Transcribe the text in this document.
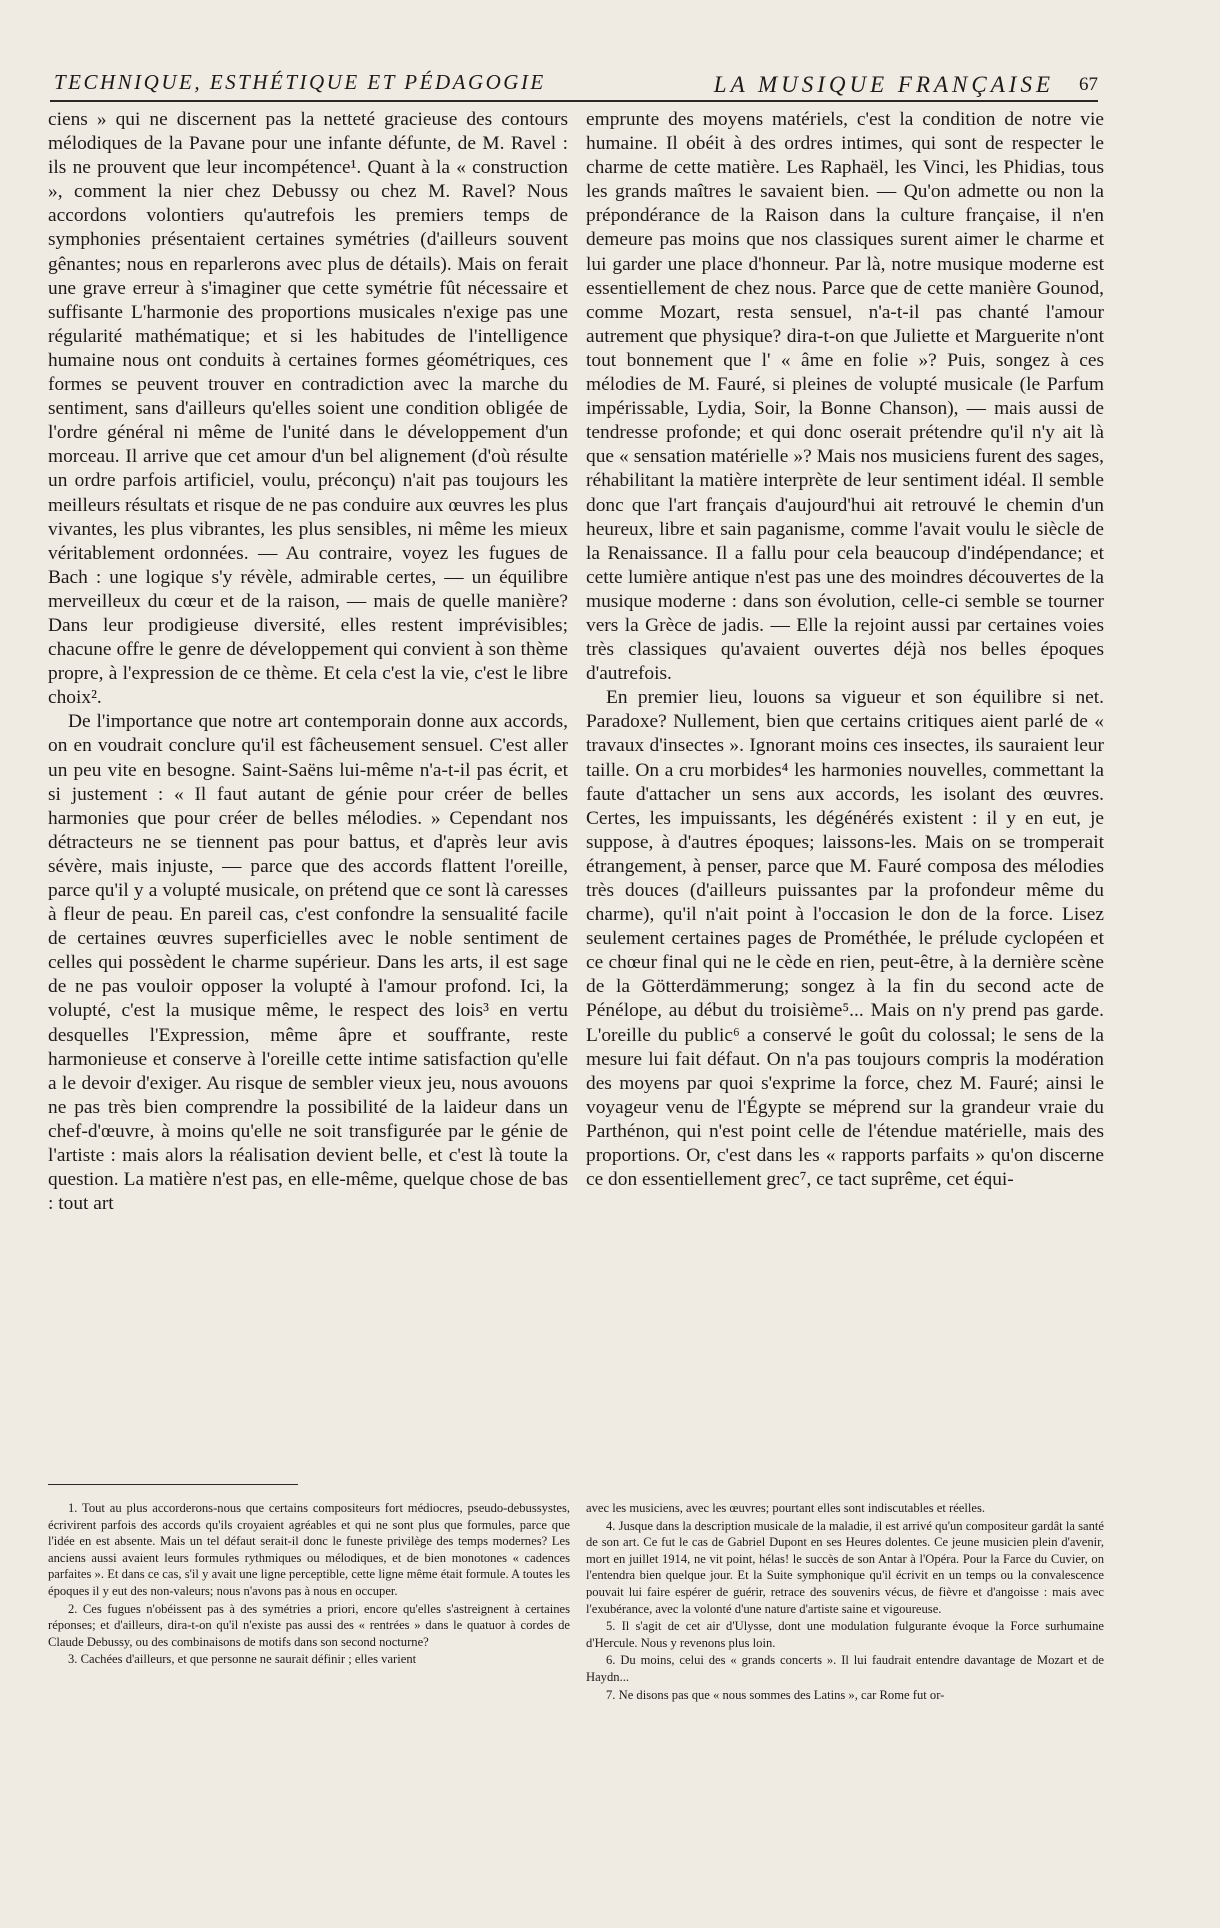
TECHNIQUE, ESTHÉTIQUE ET PÉDAGOGIE	LA MUSIQUE FRANÇAISE 67

ciens » qui ne discernent pas la netteté gracieuse des contours mélodiques de la Pavane pour une infante défunte, de M. Ravel : ils ne prouvent que leur incompétence¹. Quant à la « construction », comment la nier chez Debussy ou chez M. Ravel? Nous accordons volontiers qu'autrefois les premiers temps de symphonies présentaient certaines symétries (d'ailleurs souvent gênantes; nous en reparlerons avec plus de détails). Mais on ferait une grave erreur à s'imaginer que cette symétrie fût nécessaire et suffisante L'harmonie des proportions musicales n'exige pas une régularité mathématique; et si les habitudes de l'intelligence humaine nous ont conduits à certaines formes géométriques, ces formes se peuvent trouver en contradiction avec la marche du sentiment, sans d'ailleurs qu'elles soient une condition obligée de l'ordre général ni même de l'unité dans le développement d'un morceau. Il arrive que cet amour d'un bel alignement (d'où résulte un ordre parfois artificiel, voulu, préconçu) n'ait pas toujours les meilleurs résultats et risque de ne pas conduire aux œuvres les plus vivantes, les plus vibrantes, les plus sensibles, ni même les mieux véritablement ordonnées. — Au contraire, voyez les fugues de Bach : une logique s'y révèle, admirable certes, — un équilibre merveilleux du cœur et de la raison, — mais de quelle manière? Dans leur prodigieuse diversité, elles restent imprévisibles; chacune offre le genre de développement qui convient à son thème propre, à l'expression de ce thème. Et cela c'est la vie, c'est le libre choix².

De l'importance que notre art contemporain donne aux accords, on en voudrait conclure qu'il est fâcheusement sensuel. C'est aller un peu vite en besogne. Saint-Saëns lui-même n'a-t-il pas écrit, et si justement : « Il faut autant de génie pour créer de belles harmonies que pour créer de belles mélodies. » Cependant nos détracteurs ne se tiennent pas pour battus, et d'après leur avis sévère, mais injuste, — parce que des accords flattent l'oreille, parce qu'il y a volupté musicale, on prétend que ce sont là caresses à fleur de peau. En pareil cas, c'est confondre la sensualité facile de certaines œuvres superficielles avec le noble sentiment de celles qui possèdent le charme supérieur. Dans les arts, il est sage de ne pas vouloir opposer la volupté à l'amour profond. Ici, la volupté, c'est la musique même, le respect des lois³ en vertu desquelles l'Expression, même âpre et souffrante, reste harmonieuse et conserve à l'oreille cette intime satisfaction qu'elle a le devoir d'exiger. Au risque de sembler vieux jeu, nous avouons ne pas très bien comprendre la possibilité de la laideur dans un chef-d'œuvre, à moins qu'elle ne soit transfigurée par le génie de l'artiste : mais alors la réalisation devient belle, et c'est là toute la question. La matière n'est pas, en elle-même, quelque chose de bas : tout art

emprunte des moyens matériels, c'est la condition de notre vie humaine. Il obéit à des ordres intimes, qui sont de respecter le charme de cette matière. Les Raphaël, les Vinci, les Phidias, tous les grands maîtres le savaient bien. — Qu'on admette ou non la prépondérance de la Raison dans la culture française, il n'en demeure pas moins que nos classiques surent aimer le charme et lui garder une place d'honneur. Par là, notre musique moderne est essentiellement de chez nous. Parce que de cette manière Gounod, comme Mozart, resta sensuel, n'a-t-il pas chanté l'amour autrement que physique? dira-t-on que Juliette et Marguerite n'ont tout bonnement que l' « âme en folie »? Puis, songez à ces mélodies de M. Fauré, si pleines de volupté musicale (le Parfum impérissable, Lydia, Soir, la Bonne Chanson), — mais aussi de tendresse profonde; et qui donc oserait prétendre qu'il n'y ait là que « sensation matérielle »? Mais nos musiciens furent des sages, réhabilitant la matière interprète de leur sentiment idéal. Il semble donc que l'art français d'aujourd'hui ait retrouvé le chemin d'un heureux, libre et sain paganisme, comme l'avait voulu le siècle de la Renaissance. Il a fallu pour cela beaucoup d'indépendance; et cette lumière antique n'est pas une des moindres découvertes de la musique moderne : dans son évolution, celle-ci semble se tourner vers la Grèce de jadis. — Elle la rejoint aussi par certaines voies très classiques qu'avaient ouvertes déjà nos belles époques d'autrefois.

En premier lieu, louons sa vigueur et son équilibre si net. Paradoxe? Nullement, bien que certains critiques aient parlé de « travaux d'insectes ». Ignorant moins ces insectes, ils sauraient leur taille. On a cru morbides⁴ les harmonies nouvelles, commettant la faute d'attacher un sens aux accords, les isolant des œuvres. Certes, les impuissants, les dégénérés existent : il y en eut, je suppose, à d'autres époques; laissons-les. Mais on se tromperait étrangement, à penser, parce que M. Fauré composa des mélodies très douces (d'ailleurs puissantes par la profondeur même du charme), qu'il n'ait point à l'occasion le don de la force. Lisez seulement certaines pages de Prométhée, le prélude cyclopéen et ce chœur final qui ne le cède en rien, peut-être, à la dernière scène de la Götterdämmerung; songez à la fin du second acte de Pénélope, au début du troisième⁵... Mais on n'y prend pas garde. L'oreille du public⁶ a conservé le goût du colossal; le sens de la mesure lui fait défaut. On n'a pas toujours compris la modération des moyens par quoi s'exprime la force, chez M. Fauré; ainsi le voyageur venu de l'Égypte se méprend sur la grandeur vraie du Parthénon, qui n'est point celle de l'étendue matérielle, mais des proportions. Or, c'est dans les « rapports parfaits » qu'on discerne ce don essentiellement grec⁷, ce tact suprême, cet équi-

1. Tout au plus accorderons-nous que certains compositeurs fort médiocres, pseudo-debussystes, écrivirent parfois des accords qu'ils croyaient agréables et qui ne sont plus que formules, parce que l'idée en est absente. Mais un tel défaut serait-il donc le funeste privilège des temps modernes? Les anciens aussi avaient leurs formules rythmiques ou mélodiques, et de bien monotones « cadences parfaites ». Et dans ce cas, s'il y avait une ligne perceptible, cette ligne même était formule. A toutes les époques il y eut des non-valeurs; nous n'avons pas à nous en occuper.

2. Ces fugues n'obéissent pas à des symétries a priori, encore qu'elles s'astreignent à certaines réponses; et d'ailleurs, dira-t-on qu'il n'existe pas aussi des « rentrées » dans le quatuor à cordes de Claude Debussy, ou des combinaisons de motifs dans son second nocturne?

3. Cachées d'ailleurs, et que personne ne saurait définir ; elles varient

avec les musiciens, avec les œuvres; pourtant elles sont indiscutables et réelles.

4. Jusque dans la description musicale de la maladie, il est arrivé qu'un compositeur gardât la santé de son art. Ce fut le cas de Gabriel Dupont en ses Heures dolentes. Ce jeune musicien plein d'avenir, mort en juillet 1914, ne vit point, hélas! le succès de son Antar à l'Opéra. Pour la Farce du Cuvier, on l'entendra bien quelque jour. Et la Suite symphonique qu'il écrivit en un temps ou la convalescence pouvait lui faire espérer de guérir, retrace des souvenirs vécus, de fièvre et d'angoisse : mais avec l'exubérance, avec la volonté d'une nature d'artiste saine et vigoureuse.

5. Il s'agit de cet air d'Ulysse, dont une modulation fulgurante évoque la Force surhumaine d'Hercule. Nous y revenons plus loin.

6. Du moins, celui des « grands concerts ». Il lui faudrait entendre davantage de Mozart et de Haydn...

7. Ne disons pas que « nous sommes des Latins », car Rome fut or-
